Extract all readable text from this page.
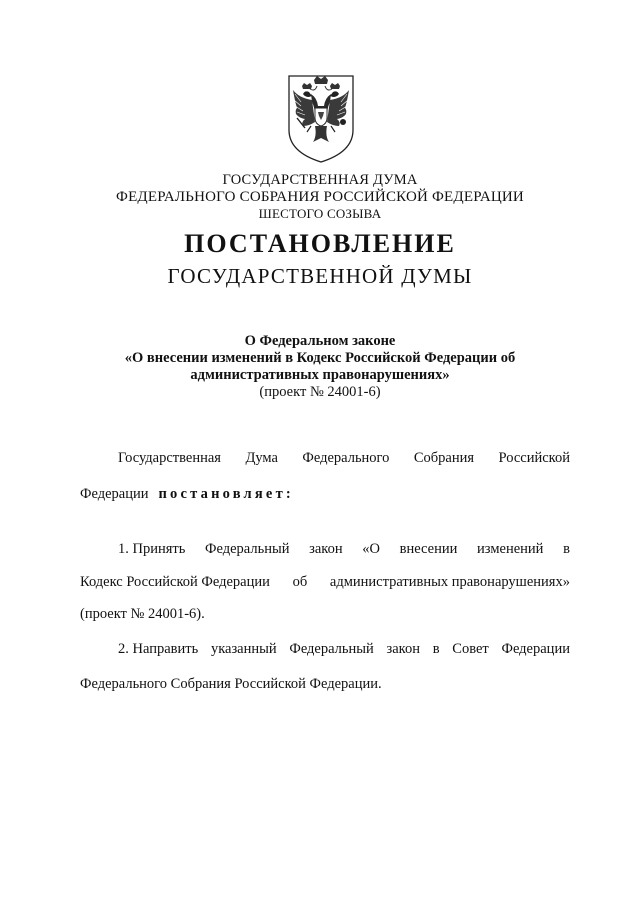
ГОСУДАРСТВЕННАЯ ДУМА
ФЕДЕРАЛЬНОГО СОБРАНИЯ РОССИЙСКОЙ ФЕДЕРАЦИИ
ШЕСТОГО СОЗЫВА
ПОСТАНОВЛЕНИЕ
ГОСУДАРСТВЕННОЙ ДУМЫ
О Федеральном законе
«О внесении изменений в Кодекс Российской Федерации об
административных правонарушениях»
(проект № 24001-6)
Государственная Дума Федерального Собрания Российской
Федерации постановляет:
1. Принять Федеральный закон «О внесении изменений в
Кодекс Российской Федерации об административных правонарушениях»
(проект № 24001-6).
2. Направить указанный Федеральный закон в Совет Федерации
Федерального Собрания Российской Федерации.
